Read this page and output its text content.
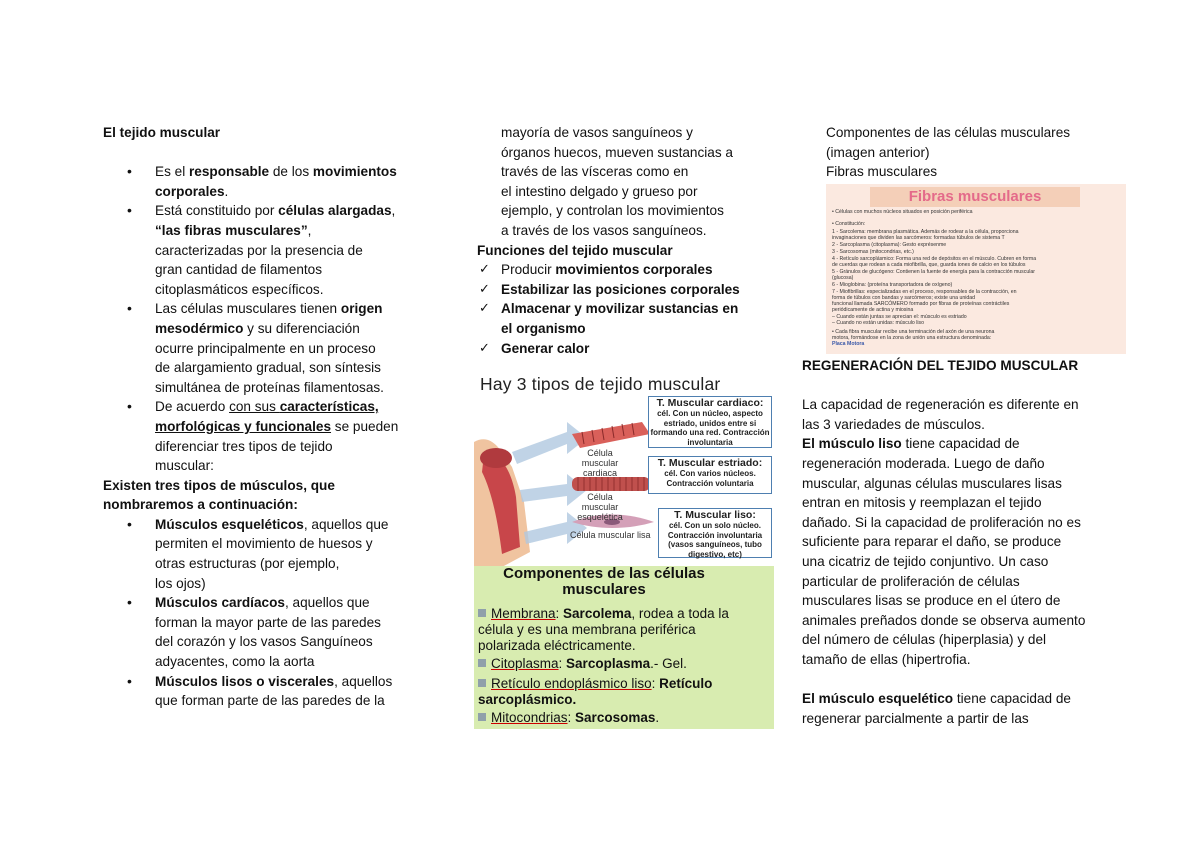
El tejido muscular
• Es el responsable de los movimientos
corporales.
• Está constituido por células alargadas,
“las fibras musculares”,
caracterizadas por la presencia de
gran cantidad de filamentos
citoplasmáticos específicos.
• Las células musculares tienen origen
mesodérmico y su diferenciación
ocurre principalmente en un proceso
de alargamiento gradual, son síntesis
simultánea de proteínas filamentosas.
• De acuerdo con sus características,
morfológicas y funcionales se pueden
diferenciar tres tipos de tejido
muscular:

Existen tres tipos de músculos, que
nombraremos a continuación:

• Músculos esqueléticos, aquellos que
permiten el movimiento de huesos y
otras estructuras (por ejemplo,
los ojos)
• Músculos cardíacos, aquellos que
forman la mayor parte de las paredes
del corazón y los vasos Sanguíneos
adyacentes, como la aorta
• Músculos lisos o viscerales, aquellos
que forman parte de las paredes de la

mayoría de vasos sanguíneos y
órganos huecos, mueven sustancias a
través de las vísceras como en
el intestino delgado y grueso por
ejemplo, y controlan los movimientos
a través de los vasos sanguíneos.

Funciones del tejido muscular

✓ Producir movimientos corporales
✓ Estabilizar las posiciones corporales
✓ Almacenar y movilizar sustancias en
el organismo
✓ Generar calor
Hay 3 tipos de tejido muscular
Célula muscular cardiaca
Célula muscular esquelética
Célula muscular lisa
T. Muscular cardiaco:
cél. Con un núcleo, aspecto estriado, unidos entre si formando una red. Contracción involuntaria
T. Muscular estriado:
cél. Con varios núcleos. Contracción voluntaria
T. Muscular liso:
cél. Con un solo núcleo. Contracción involuntaria (vasos sanguíneos, tubo digestivo, etc)
Componentes de las células musculares
Membrana: Sarcolema, rodea a toda la
célula y es una membrana periférica
polarizada eléctricamente.
Citoplasma: Sarcoplasma.- Gel.
Retículo endoplásmico liso: Retículo
sarcoplásmico.
Mitocondrias: Sarcosomas.

Componentes de las células musculares
(imagen anterior)
Fibras musculares

Fibras musculares
• Células con muchos núcleos situados en posición periférica
• Constitución:
1 - Sarcolema: membrana plasmática. Además de rodear a la célula, proporciona
invaginaciones que dividen las sarcómeros: formadas túbulos de sistema T
2 - Sarcoplasma (citoplasma): Gesto exprésenme
3 - Sarcosomas (mitocondrias, etc.)
4 - Retículo sarcoplásmico: Forma una red de depósitos en el músculo. Cubren en forma
de cuerdas que rodean a cada miofibrilla, que, guarda iones de calcio en los túbulos
5 - Gránulos de glucógeno: Contienen la fuente de energía para la contracción muscular
(glucosa)
6 - Mioglobina: (proteína transportadora de oxígeno)
7 - Miofibrillas: especializadas en el proceso, responsables de la contracción, en
forma de túbulos con bandas y sarcómeros; existe una unidad
funcional llamada SARCÓMERO formado por fibras de proteínas contráctiles
periódicamente de actina y miosina
– Cuando están juntas se aprecian el: músculo es estriado
– Cuando no están unidas: músculo liso
• Cada fibra muscular recibe una terminación del axón de una neurona
motora, formándose en la zona de unión una estructura denominada:
Placa Motora

REGENERACIÓN DEL TEJIDO MUSCULAR

La capacidad de regeneración es diferente en
las 3 variedades de músculos.

El músculo liso tiene capacidad de
regeneración moderada. Luego de daño
muscular, algunas células musculares lisas
entran en mitosis y reemplazan el tejido
dañado. Si la capacidad de proliferación no es
suficiente para reparar el daño, se produce
una cicatriz de tejido conjuntivo. Un caso
particular de proliferación de células
musculares lisas se produce en el útero de
animales preñados donde se observa aumento
del número de células (hiperplasia) y del
tamaño de ellas (hipertrofia.

El músculo esquelético tiene capacidad de
regenerar parcialmente a partir de las
